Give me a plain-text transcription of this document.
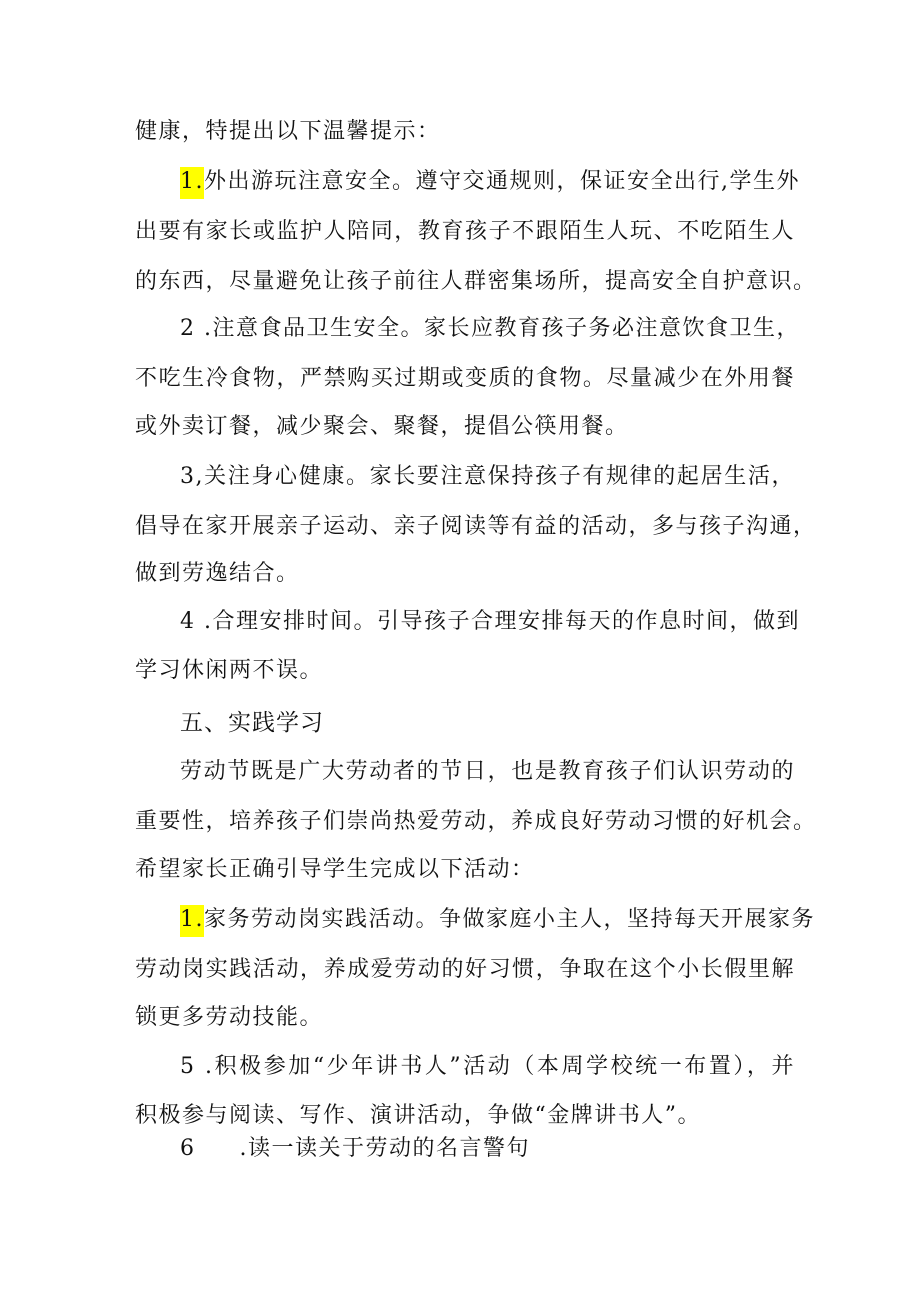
健康，特提出以下温馨提示：
1.外出游玩注意安全。遵守交通规则，保证安全出行,学生外
出要有家长或监护人陪同，教育孩子不跟陌生人玩、不吃陌生人
的东西，尽量避免让孩子前往人群密集场所，提高安全自护意识。
2 .注意食品卫生安全。家长应教育孩子务必注意饮食卫生，
不吃生冷食物，严禁购买过期或变质的食物。尽量减少在外用餐
或外卖订餐，减少聚会、聚餐，提倡公筷用餐。
3,关注身心健康。家长要注意保持孩子有规律的起居生活，
倡导在家开展亲子运动、亲子阅读等有益的活动，多与孩子沟通，
做到劳逸结合。
4 .合理安排时间。引导孩子合理安排每天的作息时间，做到
学习休闲两不误。
五、实践学习
劳动节既是广大劳动者的节日，也是教育孩子们认识劳动的
重要性，培养孩子们崇尚热爱劳动，养成良好劳动习惯的好机会。
希望家长正确引导学生完成以下活动：
1.家务劳动岗实践活动。争做家庭小主人，坚持每天开展家务
劳动岗实践活动，养成爱劳动的好习惯，争取在这个小长假里解
锁更多劳动技能。
5 .积极参加“少年讲书人”活动（本周学校统一布置），并
积极参与阅读、写作、演讲活动，争做“金牌讲书人”。
6 .读一读关于劳动的名言警句
